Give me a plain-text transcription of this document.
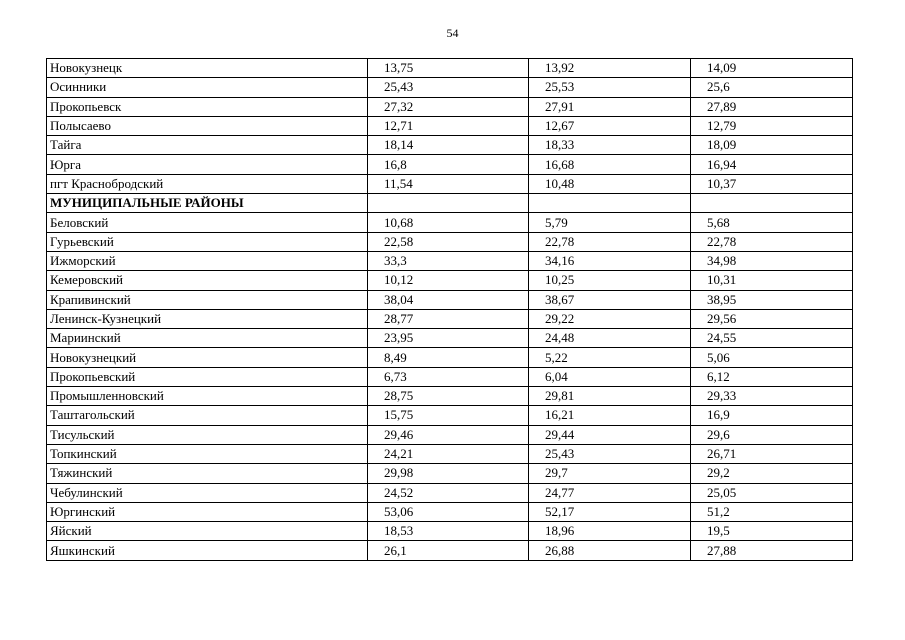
54
Новокузнецк	13,75	13,92	14,09
Осинники	25,43	25,53	25,6
Прокопьевск	27,32	27,91	27,89
Полысаево	12,71	12,67	12,79
Тайга	18,14	18,33	18,09
Юрга	16,8	16,68	16,94
пгт Краснобродский	11,54	10,48	10,37
МУНИЦИПАЛЬНЫЕ РАЙОНЫ			
Беловский	10,68	5,79	5,68
Гурьевский	22,58	22,78	22,78
Ижморский	33,3	34,16	34,98
Кемеровский	10,12	10,25	10,31
Крапивинский	38,04	38,67	38,95
Ленинск-Кузнецкий	28,77	29,22	29,56
Мариинский	23,95	24,48	24,55
Новокузнецкий	8,49	5,22	5,06
Прокопьевский	6,73	6,04	6,12
Промышленновский	28,75	29,81	29,33
Таштагольский	15,75	16,21	16,9
Тисульский	29,46	29,44	29,6
Топкинский	24,21	25,43	26,71
Тяжинский	29,98	29,7	29,2
Чебулинский	24,52	24,77	25,05
Юргинский	53,06	52,17	51,2
Яйский	18,53	18,96	19,5
Яшкинский	26,1	26,88	27,88
